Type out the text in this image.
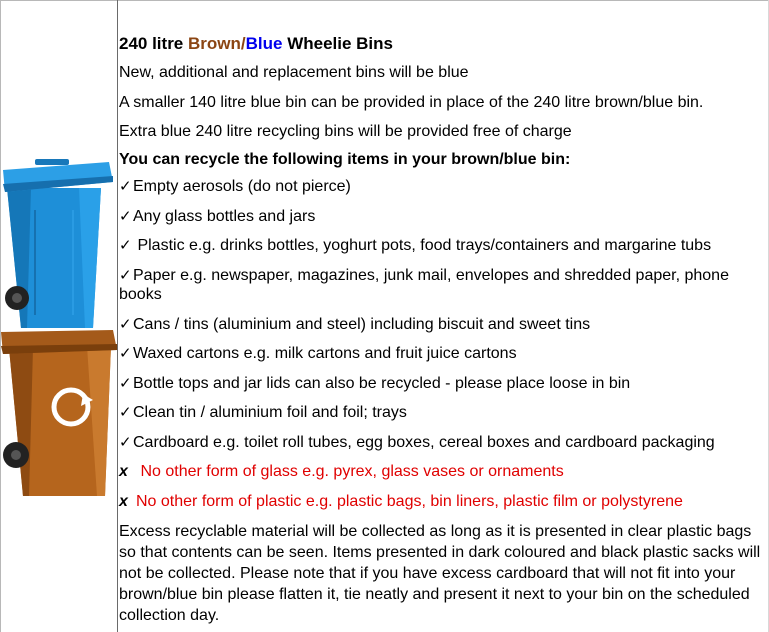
240 litre Brown/Blue Wheelie Bins
New, additional and replacement bins will be blue
A smaller 140 litre blue bin can be provided in place of the 240 litre brown/blue bin.
Extra blue 240 litre recycling bins will be provided free of charge
You can recycle the following items in your brown/blue bin:
✓Empty aerosols (do not pierce)
✓Any glass bottles and jars
✓ Plastic e.g. drinks bottles, yoghurt pots, food trays/containers and margarine tubs
✓Paper e.g. newspaper, magazines, junk mail, envelopes and shredded paper, phone books
✓Cans / tins (aluminium and steel) including biscuit and sweet tins
✓Waxed cartons e.g. milk cartons and fruit juice cartons
✓Bottle tops and jar lids can also be recycled - please place loose in bin
✓Clean tin / aluminium foil and foil; trays
✓Cardboard e.g. toilet roll tubes, egg boxes, cereal boxes and cardboard packaging
x No other form of glass e.g. pyrex, glass vases or ornaments
x No other form of plastic e.g. plastic bags, bin liners, plastic film or polystyrene
Excess recyclable material will be collected as long as it is presented in clear plastic bags so that contents can be seen. Items presented in dark coloured and black plastic sacks will not be collected. Please note that if you have excess cardboard that will not fit into your brown/blue bin please flatten it, tie neatly and present it next to your bin on the scheduled collection day.
